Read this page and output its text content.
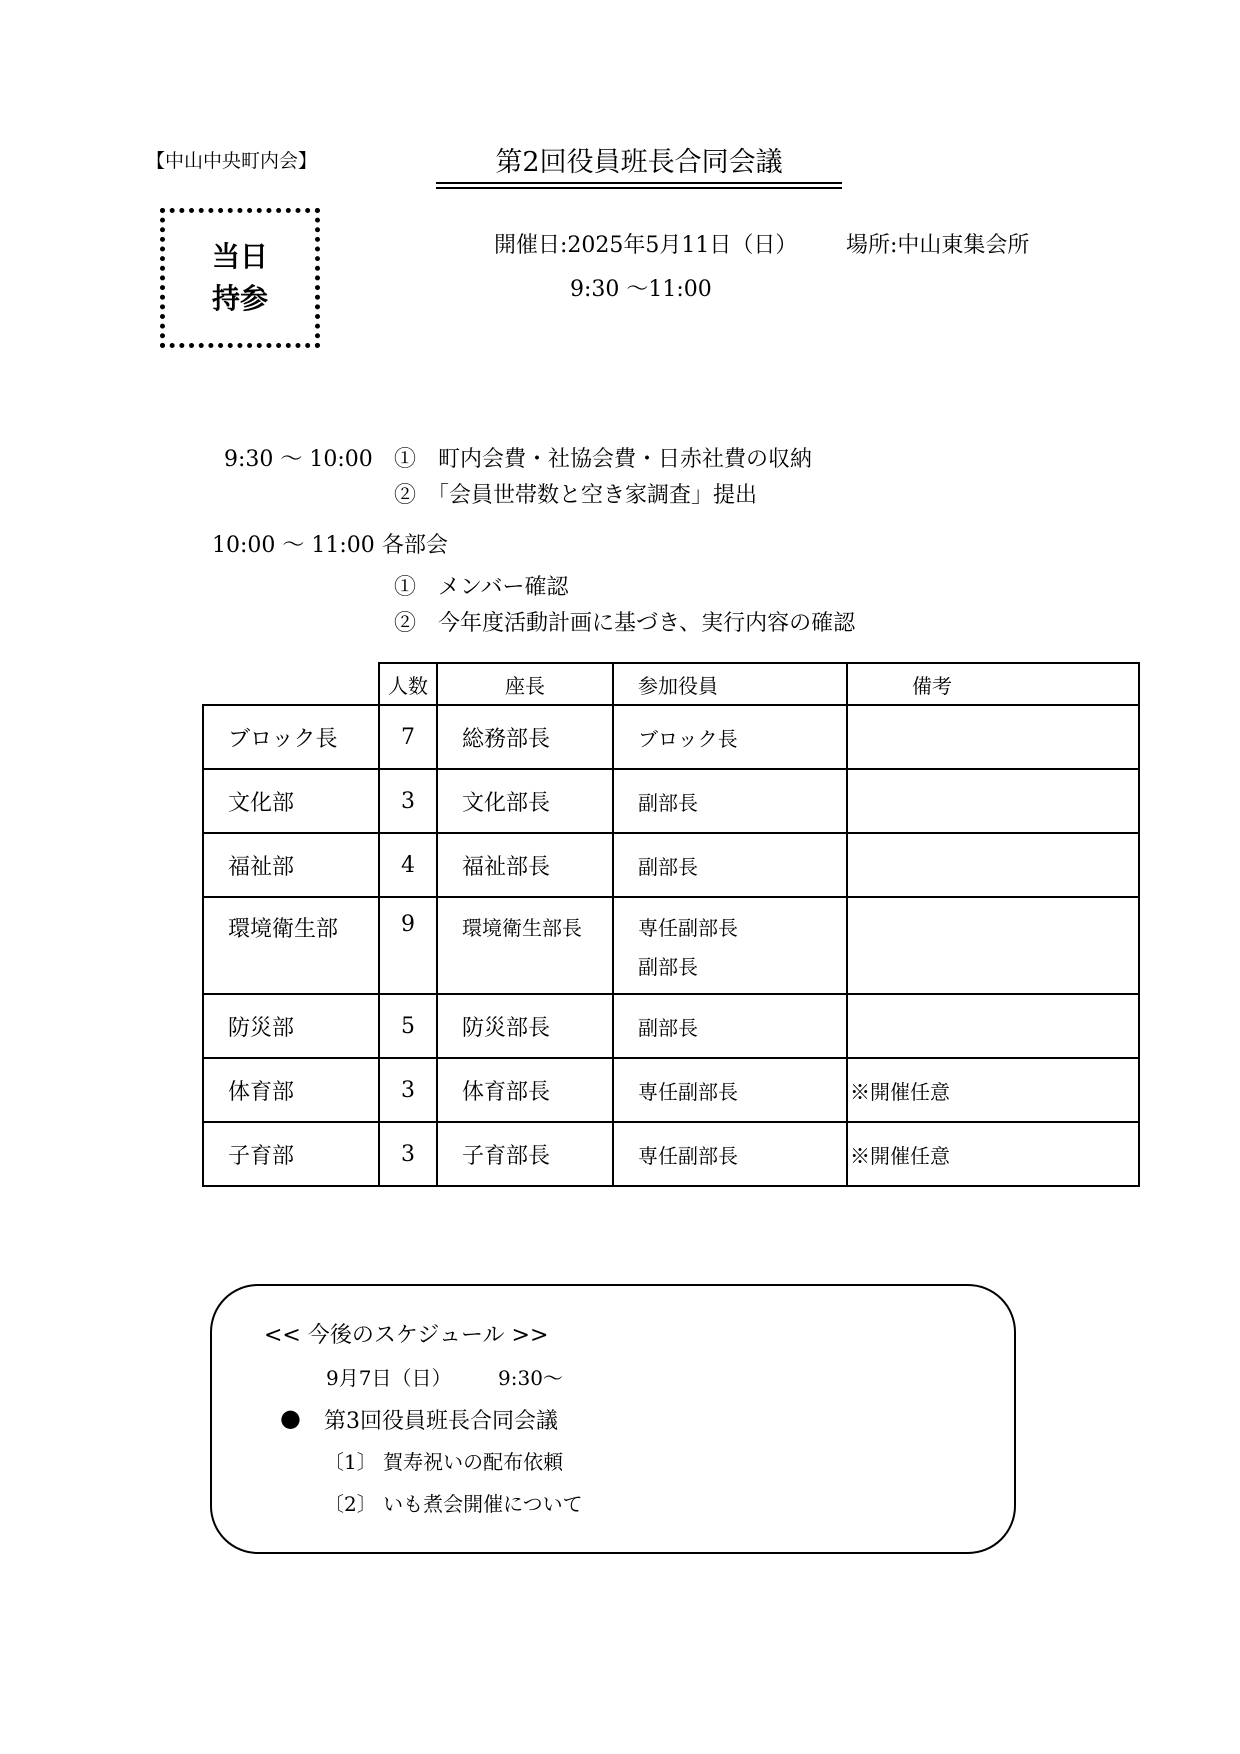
【中山中央町内会】	第2回役員班長合同会議
当日
持参
開催日:2025年5月11日（日） 場所:中山東集会所
9:30 ～11:00
9:30 ～ 10:00 ①　町内会費・社協会費・日赤社費の収納
②　「会員世帯数と空き家調査」提出
10:00 ～ 11:00 各部会
①　メンバー確認
②　今年度活動計画に基づき、実行内容の確認
	人数	座長	参加役員	備考
ブロック長	7	総務部長	ブロック長	
文化部	3	文化部長	副部長	
福祉部	4	福祉部長	副部長	
環境衛生部	9	環境衛生部長	専任副部長
副部長	

防災部	5	防災部長	副部長	
体育部	3	体育部長	専任副部長	※開催任意
子育部	3	子育部長	専任副部長	※開催任意
<< 今後のスケジュール >>
9月7日（日） 9:30～
● 第3回役員班長合同会議
〔1〕 賀寿祝いの配布依頼
〔2〕 いも煮会開催について
